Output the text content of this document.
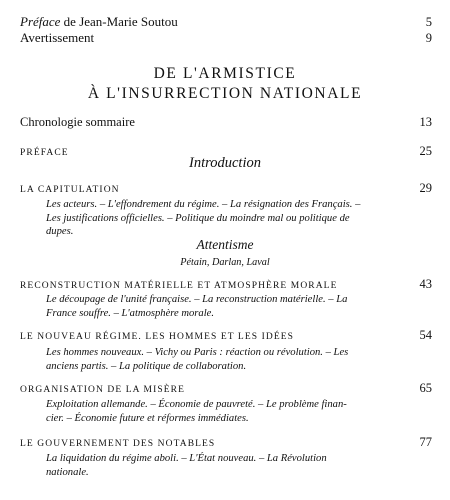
Préface de Jean-Marie Soutou	5
Avertissement	9
DE L'ARMISTICE
À L'INSURRECTION NATIONALE
Chronologie sommaire	13
PRÉFACE	25
Introduction
LA CAPITULATION	29
Les acteurs. – L'effondrement du régime. – La résignation des Français. –
Les justifications officielles. – Politique du moindre mal ou politique de
dupes.
Attentisme
Pétain, Darlan, Laval
RECONSTRUCTION MATÉRIELLE ET ATMOSPHÈRE MORALE	43
Le découpage de l'unité française. – La reconstruction matérielle. – La
France souffre. – L'atmosphère morale.
LE NOUVEAU RÉGIME. LES HOMMES ET LES IDÉES	54
Les hommes nouveaux. – Vichy ou Paris : réaction ou révolution. – Les
anciens partis. – La politique de collaboration.
ORGANISATION DE LA MISÈRE	65
Exploitation allemande. – Économie de pauvreté. – Le problème finan-
cier. – Économie future et réformes immédiates.
LE GOUVERNEMENT DES NOTABLES	77
La liquidation du régime aboli. – L'État nouveau. – La Révolution
nationale.
